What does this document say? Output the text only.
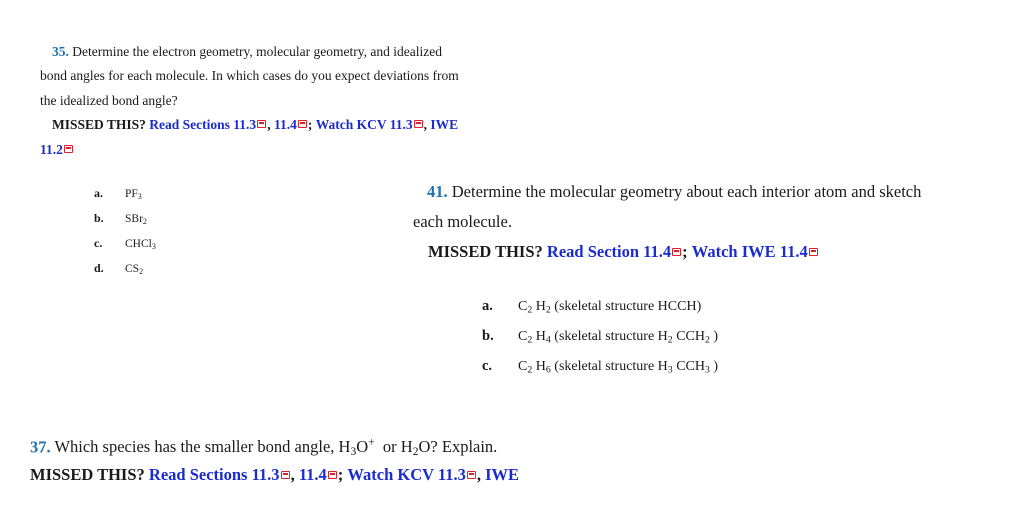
35. Determine the electron geometry, molecular geometry, and idealized
bond angles for each molecule. In which cases do you expect deviations from
the idealized bond angle?
MISSED THIS? Read Sections 11.3 , 11.4 ; Watch KCV 11.3 , IWE
11.2
a. $PF_3$
b. SBr$_2$
c. CHCl$_3$
d. $CS_2$
41. Determine the molecular geometry about each interior atom and sketch
each molecule.
MISSED THIS? Read Section 11.4 ; Watch IWE 11.4
a. $C_2$ $H_2$ (skeletal structure HCCH)
b. $C_2$ $H_4$ (skeletal structure $H_2$ $CCH_2$ )
c. $C_2$ $H_6$ (skeletal structure $H_3$ $CCH_3$ )
37. Which species has the smaller bond angle, $H_3O^+$ or $H_2O$? Explain.
MISSED THIS? Read Sections 11.3 , 11.4 ; Watch KCV 11.3 , IWE
